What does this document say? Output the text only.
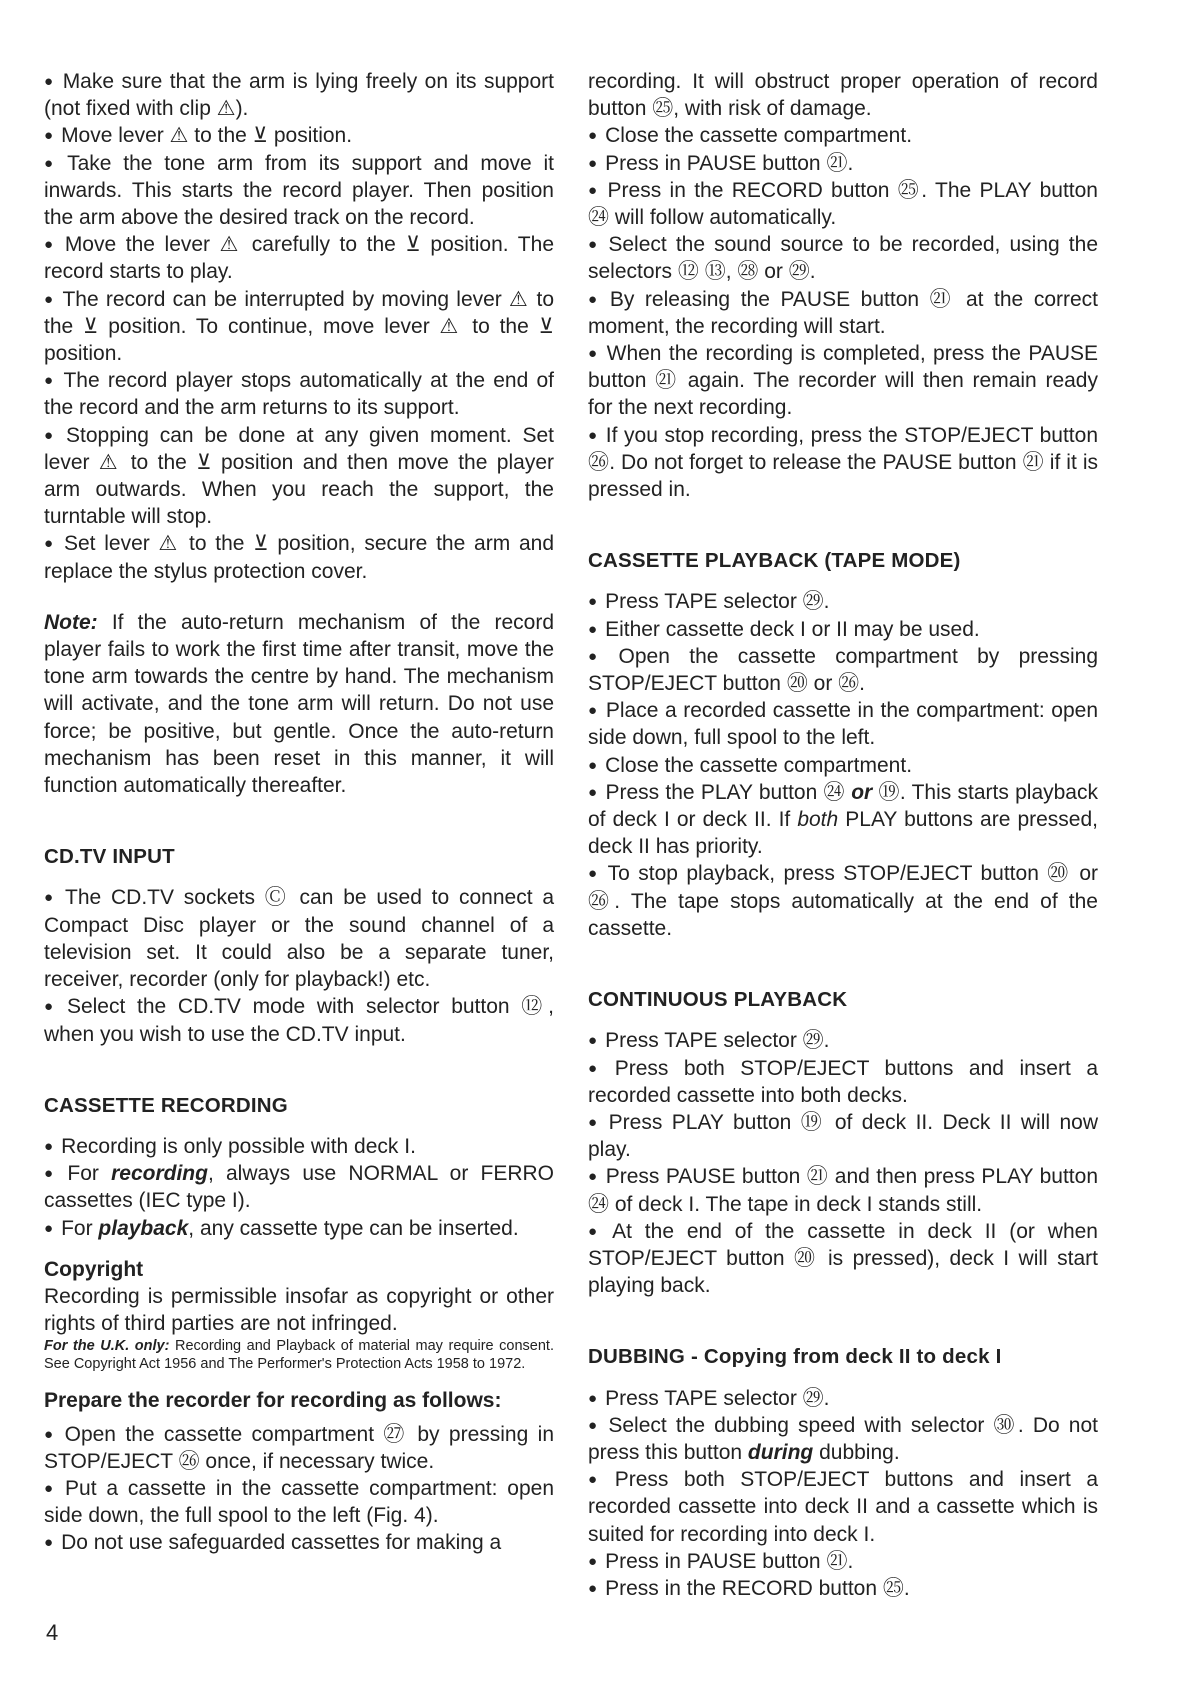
● Make sure that the arm is lying freely on its support (not fixed with clip ⚠).

● Move lever ⚠ to the ⊻ position.

● Take the tone arm from its support and move it inwards. This starts the record player. Then position the arm above the desired track on the record.

● Move the lever ⚠ carefully to the ⊻ position. The record starts to play.

● The record can be interrupted by moving lever ⚠ to the ⊻ position. To continue, move lever ⚠ to the ⊻ position.

● The record player stops automatically at the end of the record and the arm returns to its support.

● Stopping can be done at any given moment. Set lever ⚠ to the ⊻ position and then move the player arm outwards. When you reach the support, the turntable will stop.

● Set lever ⚠ to the ⊻ position, secure the arm and replace the stylus protection cover.

Note: If the auto-return mechanism of the record player fails to work the first time after transit, move the tone arm towards the centre by hand. The mechanism will activate, and the tone arm will return. Do not use force; be positive, but gentle. Once the auto-return mechanism has been reset in this manner, it will function automatically thereafter.

CD.TV INPUT

● The CD.TV sockets Ⓒ can be used to connect a Compact Disc player or the sound channel of a television set. It could also be a separate tuner, receiver, recorder (only for playback!) etc.

● Select the CD.TV mode with selector button ⑫, when you wish to use the CD.TV input.

CASSETTE RECORDING

● Recording is only possible with deck I.

● For recording, always use NORMAL or FERRO cassettes (IEC type I).

● For playback, any cassette type can be inserted.

Copyright

Recording is permissible insofar as copyright or other rights of third parties are not infringed.

For the U.K. only: Recording and Playback of material may require consent. See Copyright Act 1956 and The Performer's Protection Acts 1958 to 1972.

Prepare the recorder for recording as follows:

● Open the cassette compartment ㉗ by pressing in STOP/EJECT ㉖ once, if necessary twice.

● Put a cassette in the cassette compartment: open side down, the full spool to the left (Fig. 4).

● Do not use safeguarded cassettes for making a

recording. It will obstruct proper operation of record button ㉕, with risk of damage.

● Close the cassette compartment.

● Press in PAUSE button ㉑.

● Press in the RECORD button ㉕. The PLAY button ㉔ will follow automatically.

● Select the sound source to be recorded, using the selectors ⑫ ⑬, ㉘ or ㉙.

● By releasing the PAUSE button ㉑ at the correct moment, the recording will start.

● When the recording is completed, press the PAUSE button ㉑ again. The recorder will then remain ready for the next recording.

● If you stop recording, press the STOP/EJECT button ㉖. Do not forget to release the PAUSE button ㉑ if it is pressed in.

CASSETTE PLAYBACK (TAPE MODE)

● Press TAPE selector ㉙.

● Either cassette deck I or II may be used.

● Open the cassette compartment by pressing STOP/EJECT button ⑳ or ㉖.

● Place a recorded cassette in the compartment: open side down, full spool to the left.

● Close the cassette compartment.

● Press the PLAY button ㉔ or ⑲. This starts playback of deck I or deck II. If both PLAY buttons are pressed, deck II has priority.

● To stop playback, press STOP/EJECT button ⑳ or ㉖. The tape stops automatically at the end of the cassette.

CONTINUOUS PLAYBACK

● Press TAPE selector ㉙.

● Press both STOP/EJECT buttons and insert a recorded cassette into both decks.

● Press PLAY button ⑲ of deck II. Deck II will now play.

● Press PAUSE button ㉑ and then press PLAY button ㉔ of deck I. The tape in deck I stands still.

● At the end of the cassette in deck II (or when STOP/EJECT button ⑳ is pressed), deck I will start playing back.

DUBBING - Copying from deck II to deck I

● Press TAPE selector ㉙.

● Select the dubbing speed with selector ㉚. Do not press this button during dubbing.

● Press both STOP/EJECT buttons and insert a recorded cassette into deck II and a cassette which is suited for recording into deck I.

● Press in PAUSE button ㉑.

● Press in the RECORD button ㉕.

4
